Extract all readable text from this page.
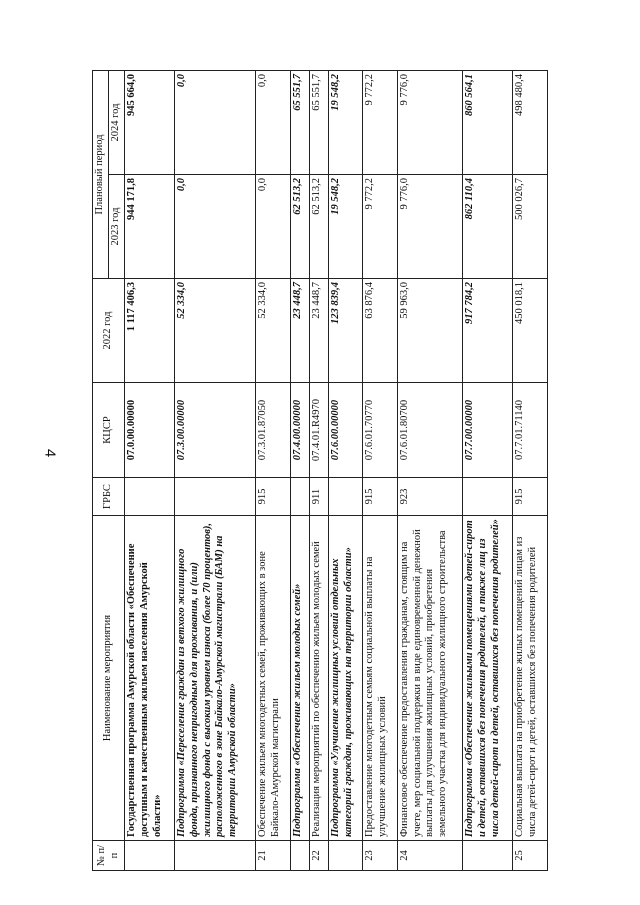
4
№ п/п	Наименование мероприятия	ГРБС	КЦСР	2022 год	Плановый период	
					2023 год	2024 год
	Государственная программа Амурской области «Обеспечение доступным и качественным жильем населения Амурской области»		07.0.00.00000	1 117 406,3	944 171,8	945 664,0
	Подпрограмма «Переселение граждан из ветхого жилищного фонда, признанного непригодным для проживания, и (или) жилищного фонда с высоким уровнем износа (более 70 процентов), расположенного в зоне Байкало-Амурской магистрали (БАМ) на территории Амурской области»		07.3.00.00000	52 334,0	0,0	0,0
21	Обеспечение жильем многодетных семей, проживающих в зоне Байкало-Амурской магистрали	915	07.3.01.87050	52 334,0	0,0	0,0
	Подпрограмма «Обеспечение жильем молодых семей»		07.4.00.00000	23 448,7	62 513,2	65 551,7
22	Реализация мероприятий по обеспечению жильем молодых семей	911	07.4.01.R4970	23 448,7	62 513,2	65 551,7
	Подпрограмма «Улучшение жилищных условий отдельных категорий граждан, проживающих на территории области»		07.6.00.00000	123 839,4	19 548,2	19 548,2
23	Предоставление многодетным семьям социальной выплаты на улучшение жилищных условий	915	07.6.01.70770	63 876,4	9 772,2	9 772,2
24	Финансовое обеспечение предоставления гражданам, стоящим на учете, мер социальной поддержки в виде единовременной денежной выплаты для улучшения жилищных условий, приобретения земельного участка для индивидуального жилищного строительства	923	07.6.01.80700	59 963,0	9 776,0	9 776,0
	Подпрограмма «Обеспечение жильыми помещениями детей-сирот и детей, оставшихся без попечения родителей, а также лиц из числа детей-сирот и детей, оставшихся без попечения родителей»		07.7.00.00000	917 784,2	862 110,4	860 564,1
25	Социальная выплата на приобретение жилых помещений лицам из числа детей-сирот и детей, оставшихся без попечения родителей	915	07.7.01.71140	450 018,1	500 026,7	498 480,4
